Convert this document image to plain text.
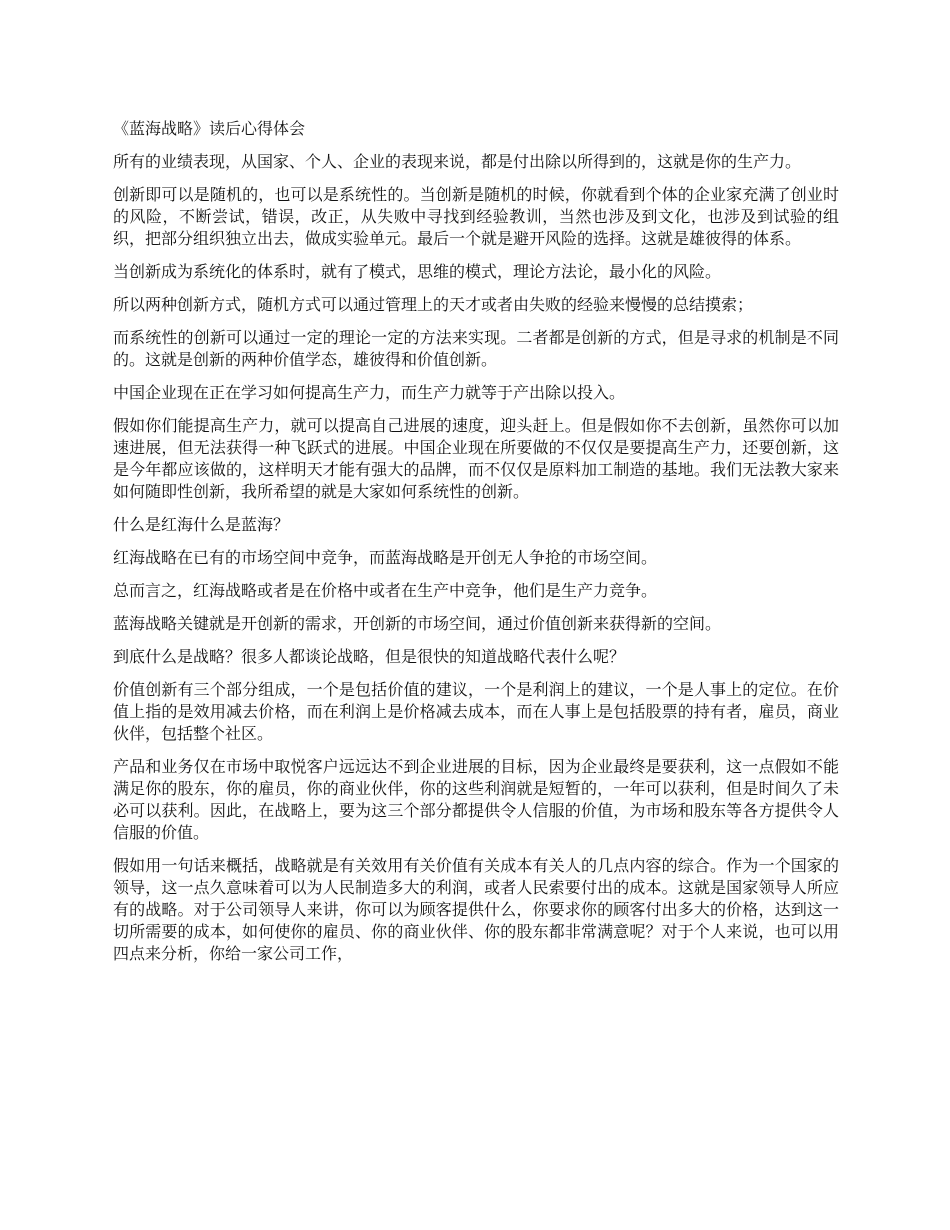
《蓝海战略》读后心得体会

所有的业绩表现，从国家、个人、企业的表现来说，都是付出除以所得到的，这就是你的生产力。

创新即可以是随机的，也可以是系统性的。当创新是随机的时候，你就看到个体的企业家充满了创业时的风险，不断尝试，错误，改正，从失败中寻找到经验教训，当然也涉及到文化，也涉及到试验的组织，把部分组织独立出去，做成实验单元。最后一个就是避开风险的选择。这就是雄彼得的体系。

当创新成为系统化的体系时，就有了模式，思维的模式，理论方法论，最小化的风险。

所以两种创新方式，随机方式可以通过管理上的天才或者由失败的经验来慢慢的总结摸索；

而系统性的创新可以通过一定的理论一定的方法来实现。二者都是创新的方式，但是寻求的机制是不同的。这就是创新的两种价值学态，雄彼得和价值创新。

中国企业现在正在学习如何提高生产力，而生产力就等于产出除以投入。

假如你们能提高生产力，就可以提高自己进展的速度，迎头赶上。但是假如你不去创新，虽然你可以加速进展，但无法获得一种飞跃式的进展。中国企业现在所要做的不仅仅是要提高生产力，还要创新，这是今年都应该做的，这样明天才能有强大的品牌，而不仅仅是原料加工制造的基地。我们无法教大家来如何随即性创新，我所希望的就是大家如何系统性的创新。

什么是红海什么是蓝海？

红海战略在已有的市场空间中竞争，而蓝海战略是开创无人争抢的市场空间。

总而言之，红海战略或者是在价格中或者在生产中竞争，他们是生产力竞争。

蓝海战略关键就是开创新的需求，开创新的市场空间，通过价值创新来获得新的空间。

到底什么是战略？很多人都谈论战略，但是很快的知道战略代表什么呢？

价值创新有三个部分组成，一个是包括价值的建议，一个是利润上的建议，一个是人事上的定位。在价值上指的是效用减去价格，而在利润上是价格减去成本，而在人事上是包括股票的持有者，雇员，商业伙伴，包括整个社区。

产品和业务仅在市场中取悦客户远远达不到企业进展的目标，因为企业最终是要获利，这一点假如不能满足你的股东，你的雇员，你的商业伙伴，你的这些利润就是短暂的，一年可以获利，但是时间久了未必可以获利。因此，在战略上，要为这三个部分都提供令人信服的价值，为市场和股东等各方提供令人信服的价值。

假如用一句话来概括，战略就是有关效用有关价值有关成本有关人的几点内容的综合。作为一个国家的领导，这一点久意味着可以为人民制造多大的利润，或者人民索要付出的成本。这就是国家领导人所应有的战略。对于公司领导人来讲，你可以为顾客提供什么，你要求你的顾客付出多大的价格，达到这一切所需要的成本，如何使你的雇员、你的商业伙伴、你的股东都非常满意呢？对于个人来说，也可以用四点来分析，你给一家公司工作，
